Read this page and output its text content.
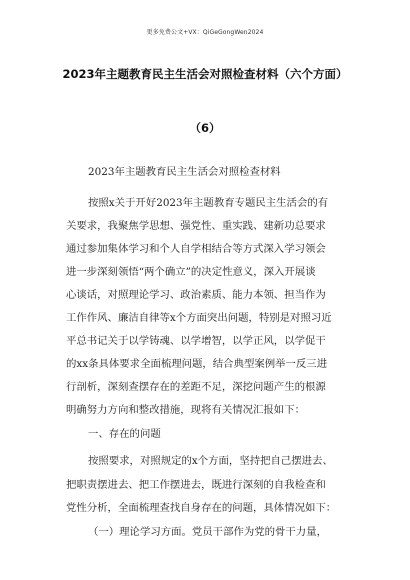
更多免费公文+VX：QiGeGongWen2024
2023年主题教育民主生活会对照检查材料（六个方面）
（6）
2023年主题教育民主生活会对照检查材料
按照x关于开好2023年主题教育专题民主生活会的有
关要求，我聚焦学思想、强党性、重实践、建新功总要求
通过参加集体学习和个人自学相结合等方式深入学习领会
进一步深刻领悟“两个确立”的决定性意义，深入开展谈
心谈话，对照理论学习、政治素质、能力本领、担当作为
工作作风、廉洁自律等x个方面突出问题，特别是对照习近
平总书记关于以学铸魂、以学增智，以学正风，以学促干
的xx条具体要求全面梳理问题，结合典型案例举一反三进
行剖析，深刻查摆存在的差距不足，深挖问题产生的根源
明确努力方向和整改措施，现将有关情况汇报如下：
一、存在的问题
按照要求，对照规定的x个方面，坚持把自己摆进去、
把职责摆进去、把工作摆进去，既进行深刻的自我检查和
党性分析，全面梳理查找自身存在的问题，具体情况如下：
（一）理论学习方面。党员干部作为党的骨干力量，
